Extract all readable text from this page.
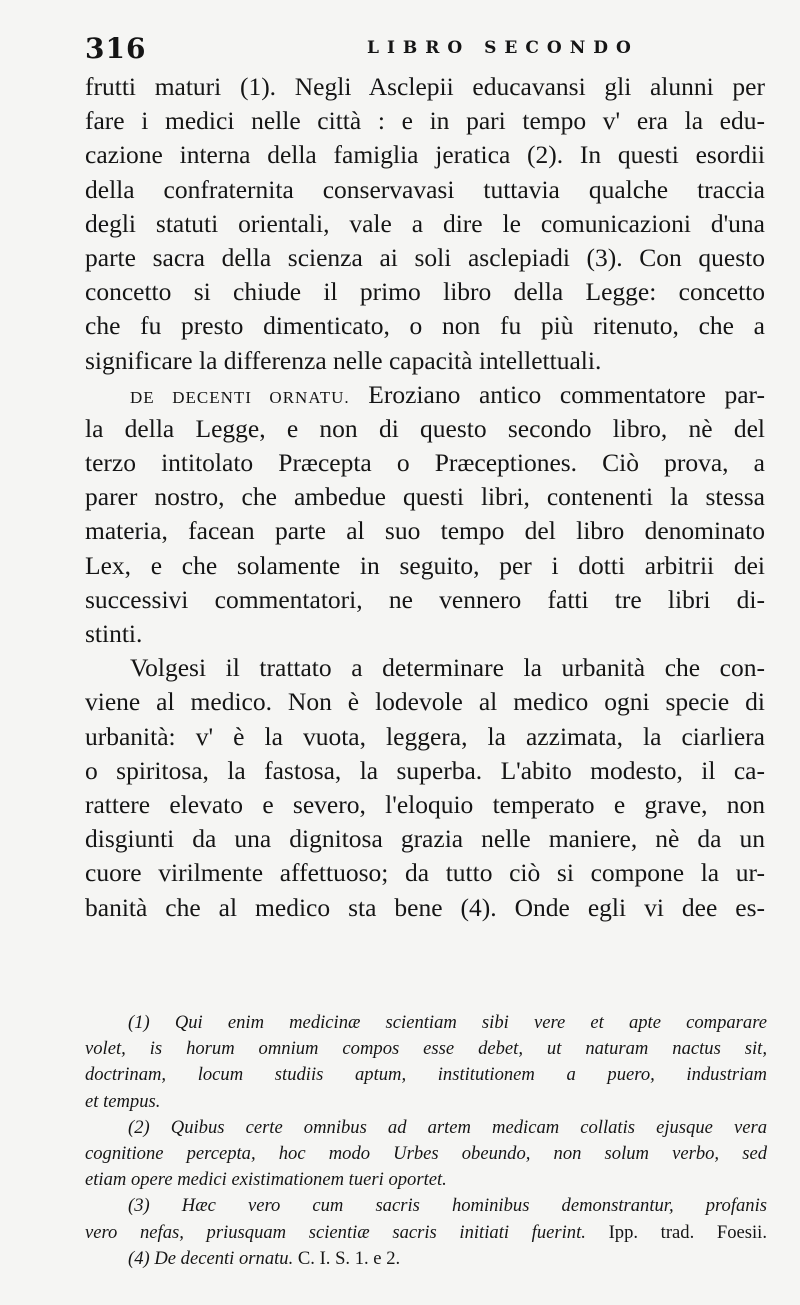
316	LIBRO SECONDO
frutti maturi (1). Negli Asclepii educavansi gli alunni per
fare i medici nelle città : e in pari tempo v' era la edu-
cazione interna della famiglia jeratica (2). In questi esordii
della confraternita conservavasi tuttavia qualche traccia
degli statuti orientali, vale a dire le comunicazioni d'una
parte sacra della scienza ai soli asclepiadi (3). Con questo
concetto si chiude il primo libro della Legge: concetto
che fu presto dimenticato, o non fu più ritenuto, che a
significare la differenza nelle capacità intellettuali.
DE DECENTI ORNATU. Eroziano antico commentatore par-
la della Legge, e non di questo secondo libro, nè del
terzo intitolato Præcepta o Præceptiones. Ciò prova, a
parer nostro, che ambedue questi libri, contenenti la stessa
materia, facean parte al suo tempo del libro denominato
Lex, e che solamente in seguito, per i dotti arbitrii dei
successivi commentatori, ne vennero fatti tre libri di-
stinti.
Volgesi il trattato a determinare la urbanità che con-
viene al medico. Non è lodevole al medico ogni specie di
urbanità: v' è la vuota, leggera, la azzimata, la ciarliera
o spiritosa, la fastosa, la superba. L'abito modesto, il ca-
rattere elevato e severo, l'eloquio temperato e grave, non
disgiunti da una dignitosa grazia nelle maniere, nè da un
cuore virilmente affettuoso; da tutto ciò si compone la ur-
banità che al medico sta bene (4). Onde egli vi dee es-
(1) Qui enim medicinæ scientiam sibi vere et apte comparare
volet, is horum omnium compos esse debet, ut naturam nactus sit,
doctrinam, locum studiis aptum, institutionem a puero, industriam
et tempus.
(2) Quibus certe omnibus ad artem medicam collatis ejusque vera
cognitione percepta, hoc modo Urbes obeundo, non solum verbo, sed
etiam opere medici existimationem tueri oportet.
(3) Hæc vero cum sacris hominibus demonstrantur, profanis
vero nefas, priusquam scientiæ sacris initiati fuerint. Ipp. trad. Foesii.
(4) De decenti ornatu. C. I. S. 1. e 2.
